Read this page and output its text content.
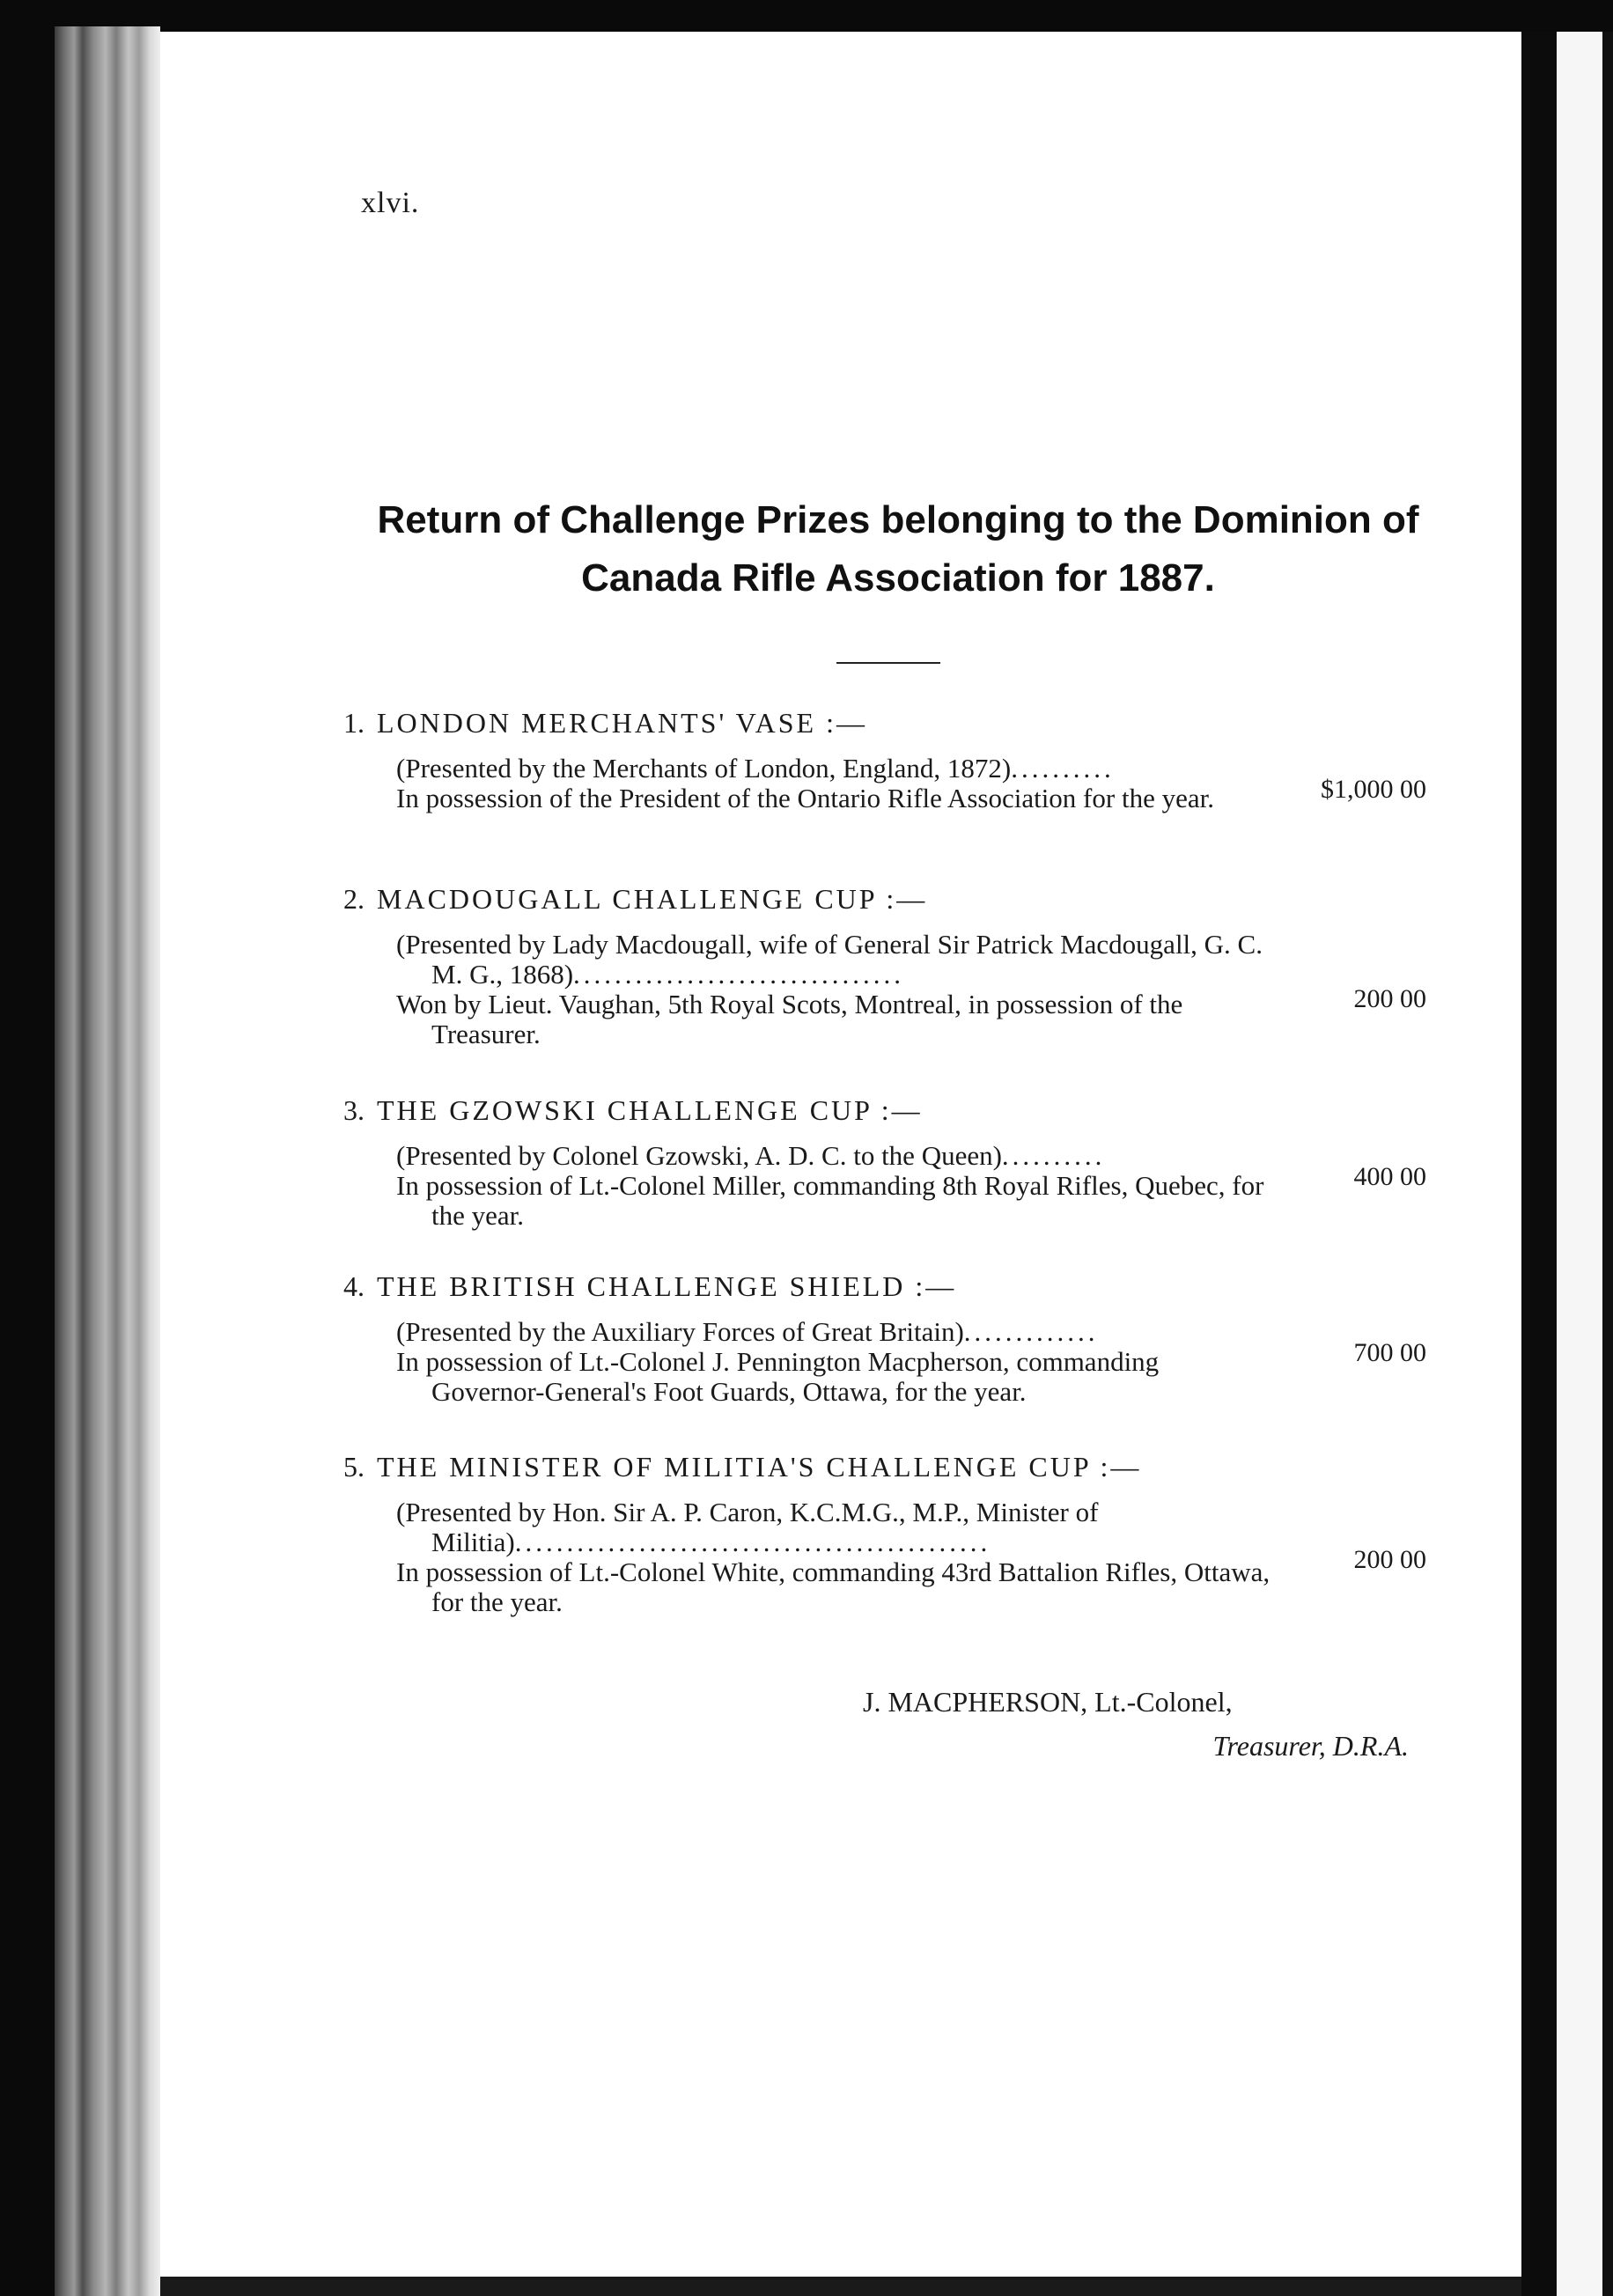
xlvi.
Return of Challenge Prizes belonging to the Dominion of
Canada Rifle Association for 1887.
1. LONDON MERCHANTS' VASE :—
(Presented by the Merchants of London, England, 1872)..........
In possession of the President of the Ontario Rifle Association for the year.	$1,000 00
2. MACDOUGALL CHALLENGE CUP :—
(Presented by Lady Macdougall, wife of General Sir Patrick Macdougall, G. C. M. G., 1868)................................
Won by Lieut. Vaughan, 5th Royal Scots, Montreal, in possession of the Treasurer.
200 00
3. THE GZOWSKI CHALLENGE CUP :—
(Presented by Colonel Gzowski, A. D. C. to the Queen)..........
In possession of Lt.-Colonel Miller, commanding 8th Royal Rifles, Quebec, for the year.
400 00
4. THE BRITISH CHALLENGE SHIELD :—
(Presented by the Auxiliary Forces of Great Britain).............
In possession of Lt.-Colonel J. Pennington Macpherson, commanding Governor-General's Foot Guards, Ottawa, for the year.
700 00
5. THE MINISTER OF MILITIA'S CHALLENGE CUP :—
(Presented by Hon. Sir A. P. Caron, K.C.M.G., M.P., Minister of Militia)..............................................
In possession of Lt.-Colonel White, commanding 43rd Battalion Rifles, Ottawa, for the year.
200 00
J. MACPHERSON, Lt.-Colonel,
Treasurer, D.R.A.
